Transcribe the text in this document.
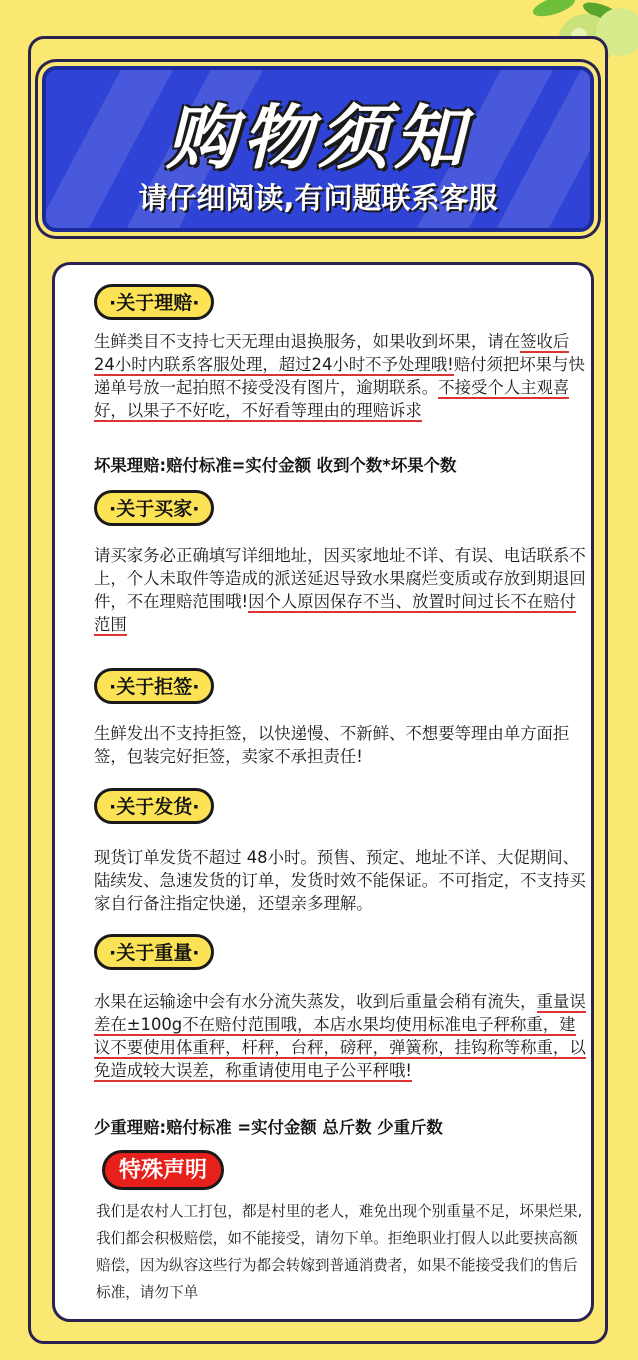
购物须知
请仔细阅读,有问题联系客服
·关于理赔·
生鲜类目不支持七天无理由退换服务，如果收到坏果，请在签收后24小时内联系客服处理，超过24小时不予处理哦!赔付须把坏果与快递单号放一起拍照不接受没有图片，逾期联系。不接受个人主观喜好，以果子不好吃，不好看等理由的理赔诉求
坏果理赔:赔付标准=实付金额 收到个数*坏果个数
·关于买家·
请买家务必正确填写详细地址，因买家地址不详、有误、电话联系不上，个人未取件等造成的派送延迟导致水果腐烂变质或存放到期退回件，不在理赔范围哦!因个人原因保存不当、放置时间过长不在赔付范围
·关于拒签·
生鲜发出不支持拒签，以快递慢、不新鲜、不想要等理由单方面拒签，包装完好拒签，卖家不承担责任!
·关于发货·
现货订单发货不超过 48小时。预售、预定、地址不详、大促期间、陆续发、急速发货的订单，发货时效不能保证。不可指定，不支持买家自行备注指定快递，还望亲多理解。
·关于重量·
水果在运输途中会有水分流失蒸发，收到后重量会稍有流失，重量误差在±100g不在赔付范围哦，本店水果均使用标准电子秤称重，建议不要使用体重秤，杆秤，台秤，磅秤，弹簧称，挂钩称等称重，以免造成较大误差，称重请使用电子公平秤哦!
少重理赔:赔付标准 =实付金额 总斤数 少重斤数
特殊声明
我们是农村人工打包，都是村里的老人，难免出现个别重量不足，坏果烂果,我们都会积极赔偿，如不能接受，请勿下单。拒绝职业打假人以此要挟高额赔偿，因为纵容这些行为都会转嫁到普通消费者，如果不能接受我们的售后标准，请勿下单
